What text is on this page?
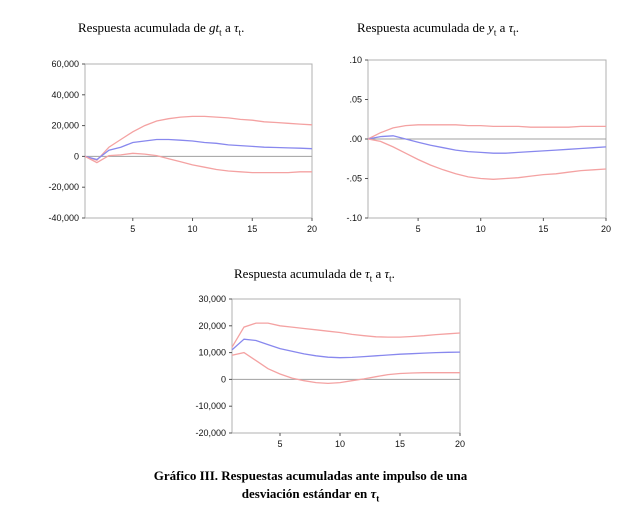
Respuesta acumulada de $gt_t$ a $\tau_t$.	Respuesta acumulada de $y_t$ a $\tau_t$.
Respuesta acumulada de $\tau_t$ a $\tau_t$.
-40,000
-20,000
0
20,000
40,000
60,000
5	10	15	20
-.10
-.05
.00
.05
.10
5	10	15	20
-20,000
-10,000
0
10,000
20,000
30,000
5	10	15	20
Gráfico III. Respuestas acumuladas ante impulso de una
desviación estándar en $\tau_t$
